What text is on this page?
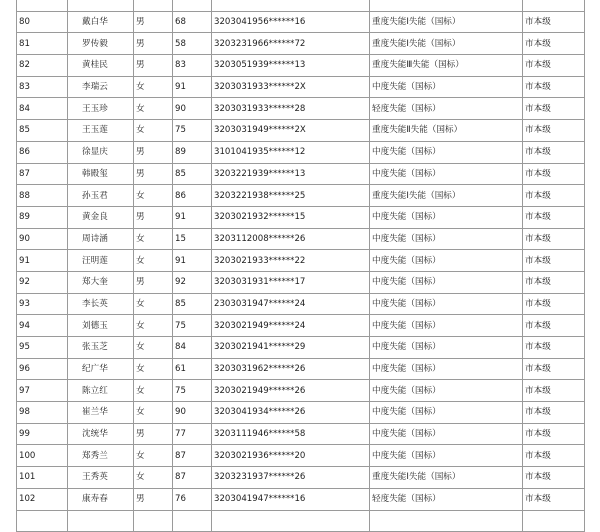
80	戴白华	男	68	3203041956******16	重度失能Ⅰ失能（国标）	市本级
81	罗传毅	男	58	3203231966******72	重度失能Ⅰ失能（国标）	市本级
82	黄桂民	男	83	3203051939******13	重度失能Ⅲ失能（国标）	市本级
83	李瑞云	女	91	3203031933******2X	中度失能（国标）	市本级
84	王玉珍	女	90	3203031933******28	轻度失能（国标）	市本级
85	王玉莲	女	75	3203031949******2X	重度失能Ⅱ失能（国标）	市本级
86	徐显庆	男	89	3101041935******12	中度失能（国标）	市本级
87	韩殿玺	男	85	3203221939******13	中度失能（国标）	市本级
88	孙玉君	女	86	3203221938******25	重度失能Ⅰ失能（国标）	市本级
89	黄金良	男	91	3203021932******15	中度失能（国标）	市本级
90	周诗涵	女	15	3203112008******26	中度失能（国标）	市本级
91	汪明莲	女	91	3203021933******22	中度失能（国标）	市本级
92	郑大奎	男	92	3203031931******17	中度失能（国标）	市本级
93	李长英	女	85	2303031947******24	中度失能（国标）	市本级
94	刘德玉	女	75	3203021949******24	中度失能（国标）	市本级
95	张玉芝	女	84	3203021941******29	中度失能（国标）	市本级
96	纪广华	女	61	3203031962******26	中度失能（国标）	市本级
97	陈立红	女	75	3203021949******26	中度失能（国标）	市本级
98	崔兰华	女	90	3203041934******26	中度失能（国标）	市本级
99	沈统华	男	77	3203111946******58	中度失能（国标）	市本级
100	郑秀兰	女	87	3203021936******20	中度失能（国标）	市本级
101	王秀英	女	87	3203231937******26	重度失能Ⅰ失能（国标）	市本级
102	康寿春	男	76	3203041947******16	轻度失能（国标）	市本级
